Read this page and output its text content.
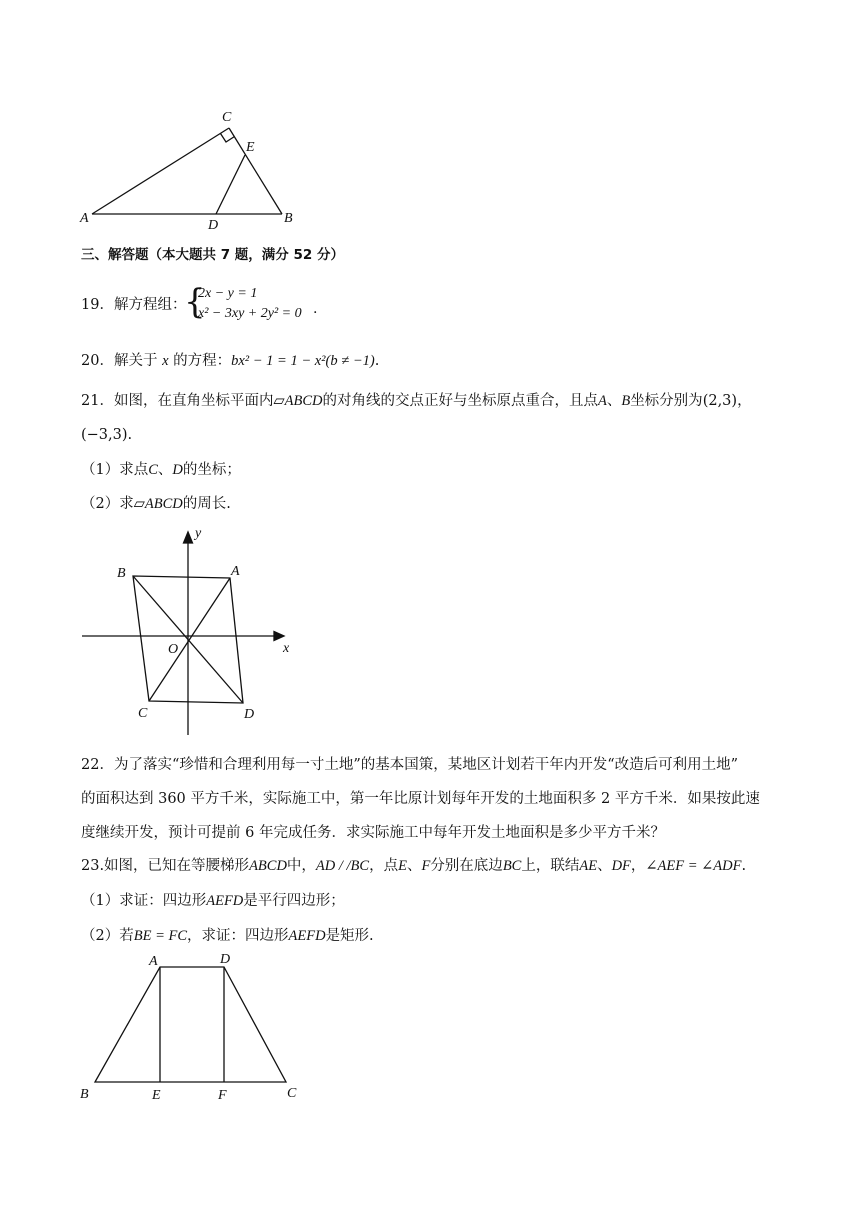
A	B
C
D
E
三、解答题（本大题共 7 题，满分 52 分）
19．解方程组：
{
2x − y = 1
x² − 3xy + 2y² = 0 .
20．解关于 x 的方程：bx² − 1 = 1 − x²(b ≠ −1).
21．如图，在直角坐标平面内▱ABCD的对角线的交点正好与坐标原点重合，且点A、B坐标分别为(2,3)，
(−3,3).
（1）求点C、D的坐标；
（2）求▱ABCD的周长.
y
x
O
B	A
C	D
22．为了落实“珍惜和合理利用每一寸土地”的基本国策，某地区计划若干年内开发“改造后可利用土地”
的面积达到 360 平方千米，实际施工中，第一年比原计划每年开发的土地面积多 2 平方千米．如果按此速
度继续开发，预计可提前 6 年完成任务．求实际施工中每年开发土地面积是多少平方千米？
23.如图，已知在等腰梯形ABCD中，AD / /BC，点E、F分别在底边BC上，联结AE、DF，∠AEF = ∠ADF.
（1）求证：四边形AEFD是平行四边形；
（2）若BE = FC，求证：四边形AEFD是矩形.
A	D
B	E	F	C
